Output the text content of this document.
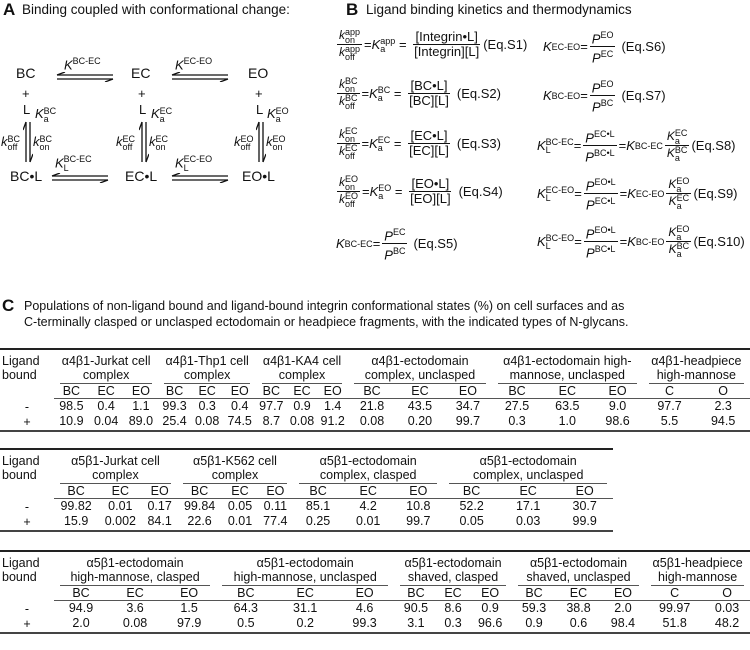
A Binding coupled with conformational change:
BC	EC	EO
+	+	+
L	L	L
BC•L	EC•L	EO•L
$K^{BC-EC}$	$K^{EC-EO}$
K BC-EC
L	K EC-EO
L
K BC
a	K EC
a	K EO
a
k BC
off k BC
on	k EC
off k EC
on	k EO
off k EO
on
B Ligand binding kinetics and thermodynamics
k app
on
k app
off = K app
$a = \frac{\text{[Integrin•L]}}{\text{[Integrin][L]}} (Eq.S1)$
k BC
on
k BC
off = K BC
$a = \frac{[BC•L]}{[BC][L]} (Eq.S2)$
k EC
on
k EC
off = K EC
$a = \frac{[EC•L]}{[EC][L]} (Eq.S3)$
k EO
on
k EO
off = K EO
$a = \frac{[EO•L]}{[EO][L]} (Eq.S4)$
K $BC-EC = \frac{P^{EC}}{P^{BC}} (Eq.S5)$
K $EC-EO = \frac{P^{EO}}{P^{EC}} (Eq.S6)$
K $BC-EO = \frac{P^{EO}}{P^{BC}} (Eq.S7)$
K BC-EC
L	= $\frac{P^{EC•L}}{P^{BC•L}} = K$ BC-EC K EC
a
K BC
a (Eq.S8)
K EC-EO
L	= $\frac{P^{EO•L}}{P^{EC•L}} = K$ EC-EO K EO
a
K EC
a (Eq.S9)
K BC-EO
L	= $\frac{P^{EO•L}}{P^{BC•L}} = K$ BC-EO K EO
a
K BC
a (Eq.S10)
C Populations of non-ligand bound and ligand-bound integrin conformational states (%) on cell surfaces and as
C-terminally clasped or unclasped ectodomain or headpiece fragments, with the indicated types of N-glycans.
Ligand
bound

α4β1-Jurkat cell
complex

α4β1-Thp1 cell
complex

α4β1-KA4 cell
complex

α4β1-ectodomain
complex, unclasped

α4β1-ectodomain high-
mannose, unclasped

α4β1-headpiece
high-mannose

	BC	EC	EO	BC	EC	EO	BC	EC	EO	BC	EC	EO	BC	EC	EO	C	O
-	98.5	0.4	1.1	99.3	0.3	0.4	97.7	0.9	1.4	21.8	43.5	34.7	27.5	63.5	9.0	97.7	2.3
+	10.9	0.04	89.0	25.4	0.08	74.5	8.7	0.08	91.2	0.08	0.20	99.7	0.3	1.0	98.6	5.5	94.5
Ligand
bound

α5β1-Jurkat cell
complex

α5β1-K562 cell
complex

α5β1-ectodomain
complex, clasped

α5β1-ectodomain
complex, unclasped

	BC	EC	EO	BC	EC	EO	BC	EC	EO	BC	EC	EO
-	99.82	0.01	0.17	99.84	0.05	0.11	85.1	4.2	10.8	52.2	17.1	30.7
+	15.9	0.002	84.1	22.6	0.01	77.4	0.25	0.01	99.7	0.05	0.03	99.9
Ligand
bound

α5β1-ectodomain
high-mannose, clasped

α5β1-ectodomain
high-mannose, unclasped

α5β1-ectodomain
shaved, clasped

α5β1-ectodomain
shaved, unclasped

α5β1-headpiece
high-mannose

	BC	EC	EO	BC	EC	EO	BC	EC	EO	BC	EC	EO	C	O
-	94.9	3.6	1.5	64.3	31.1	4.6	90.5	8.6	0.9	59.3	38.8	2.0	99.97	0.03
+	2.0	0.08	97.9	0.5	0.2	99.3	3.1	0.3	96.6	0.9	0.6	98.4	51.8	48.2
